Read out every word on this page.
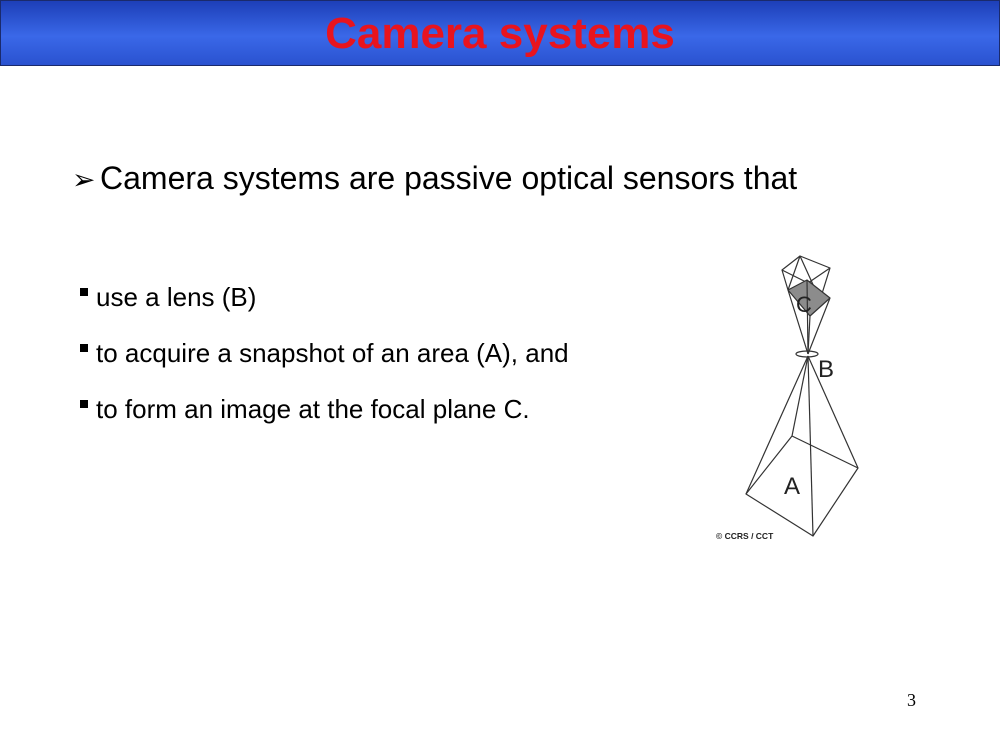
Camera systems
➢ Camera systems are passive optical sensors that
use a lens (B)
to acquire a snapshot of an area (A), and
to form an image at the focal plane C.
C
B
A
© CCRS / CCT
3
